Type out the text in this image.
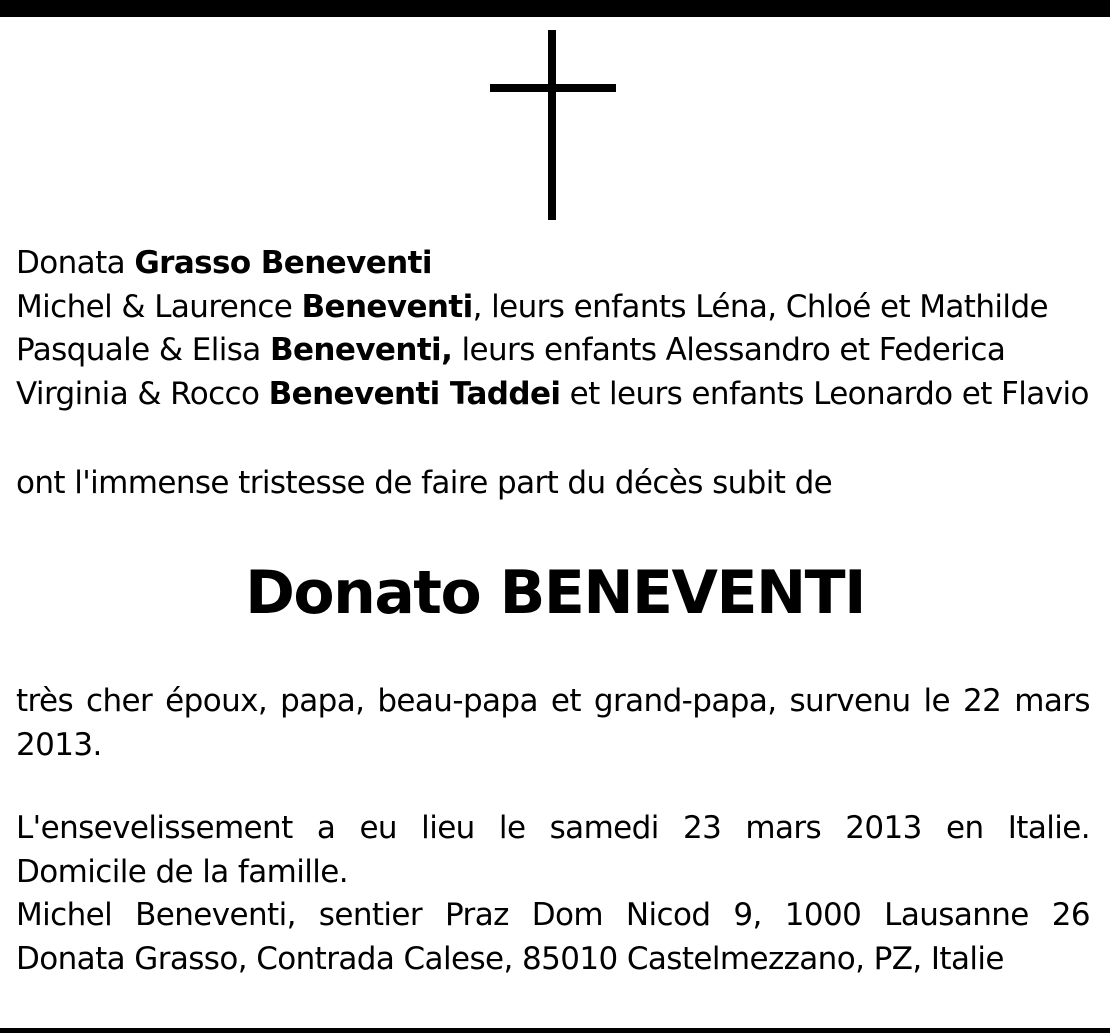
Donata Grasso Beneventi
Michel & Laurence Beneventi, leurs enfants Léna, Chloé et Mathilde
Pasquale & Elisa Beneventi, leurs enfants Alessandro et Federica
Virginia & Rocco Beneventi Taddei et leurs enfants Leonardo et Flavio
ont l'immense tristesse de faire part du décès subit de
Donato BENEVENTI
très cher époux, papa, beau-papa et grand-papa, survenu le 22 mars
2013.
L'ensevelissement a eu lieu le samedi 23 mars 2013 en Italie.
Domicile de la famille.
Michel Beneventi, sentier Praz Dom Nicod 9, 1000 Lausanne 26
Donata Grasso, Contrada Calese, 85010 Castelmezzano, PZ, Italie
